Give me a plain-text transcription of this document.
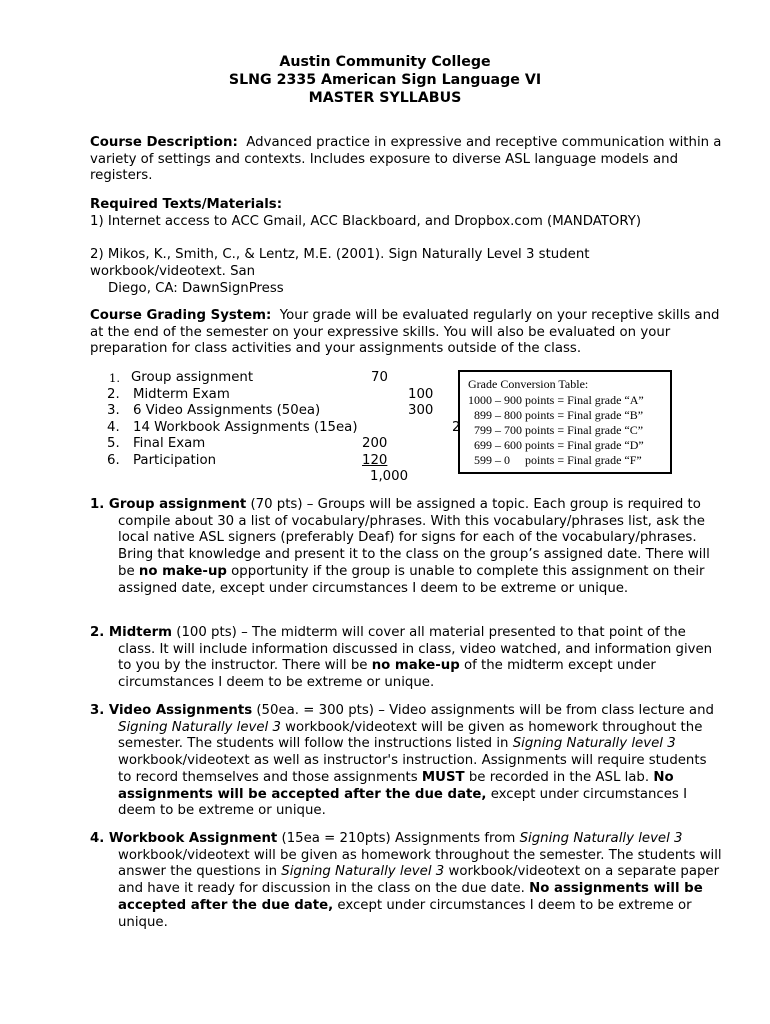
Austin Community College
SLNG 2335 American Sign Language VI
MASTER SYLLABUS

Course Description: Advanced practice in expressive and receptive communication within a variety of settings and contexts. Includes exposure to diverse ASL language models and registers.

Required Texts/Materials:

1) Internet access to ACC Gmail, ACC Blackboard, and Dropbox.com (MANDATORY)

2) Mikos, K., Smith, C., & Lentz, M.E. (2001). Sign Naturally Level 3 student

workbook/videotext. San

Diego, CA: DawnSignPress

Course Grading System: Your grade will be evaluated regularly on your receptive skills and at the end of the semester on your expressive skills. You will also be evaluated on your preparation for class activities and your assignments outside of the class.

1. Group assignment	70
2. Midterm Exam	100
3. 6 Video Assignments (50ea)	300
4. 14 Workbook Assignments (15ea)	2
5. Final Exam	200
6. Participation	120
1,000
Grade Conversion Table:
1000 – 900 points = Final grade “A”
899 – 800 points = Final grade “B”
799 – 700 points = Final grade “C”
699 – 600 points = Final grade “D”
599 – 0     points = Final grade “F”

1. Group assignment (70 pts) – Groups will be assigned a topic. Each group is required to compile about 30 a list of vocabulary/phrases. With this vocabulary/phrases list, ask the local native ASL signers (preferably Deaf) for signs for each of the vocabulary/phrases. Bring that knowledge and present it to the class on the group’s assigned date. There will be no make-up opportunity if the group is unable to complete this assignment on their assigned date, except under circumstances I deem to be extreme or unique.

2. Midterm (100 pts) – The midterm will cover all material presented to that point of the class. It will include information discussed in class, video watched, and information given to you by the instructor. There will be no make-up of the midterm except under circumstances I deem to be extreme or unique.

3. Video Assignments (50ea. = 300 pts) – Video assignments will be from class lecture and Signing Naturally level 3 workbook/videotext will be given as homework throughout the semester. The students will follow the instructions listed in Signing Naturally level 3 workbook/videotext as well as instructor's instruction. Assignments will require students to record themselves and those assignments MUST be recorded in the ASL lab. No assignments will be accepted after the due date, except under circumstances I deem to be extreme or unique.

4. Workbook Assignment (15ea = 210pts) Assignments from Signing Naturally level 3 workbook/videotext will be given as homework throughout the semester. The students will answer the questions in Signing Naturally level 3 workbook/videotext on a separate paper and have it ready for discussion in the class on the due date. No assignments will be accepted after the due date, except under circumstances I deem to be extreme or unique.
